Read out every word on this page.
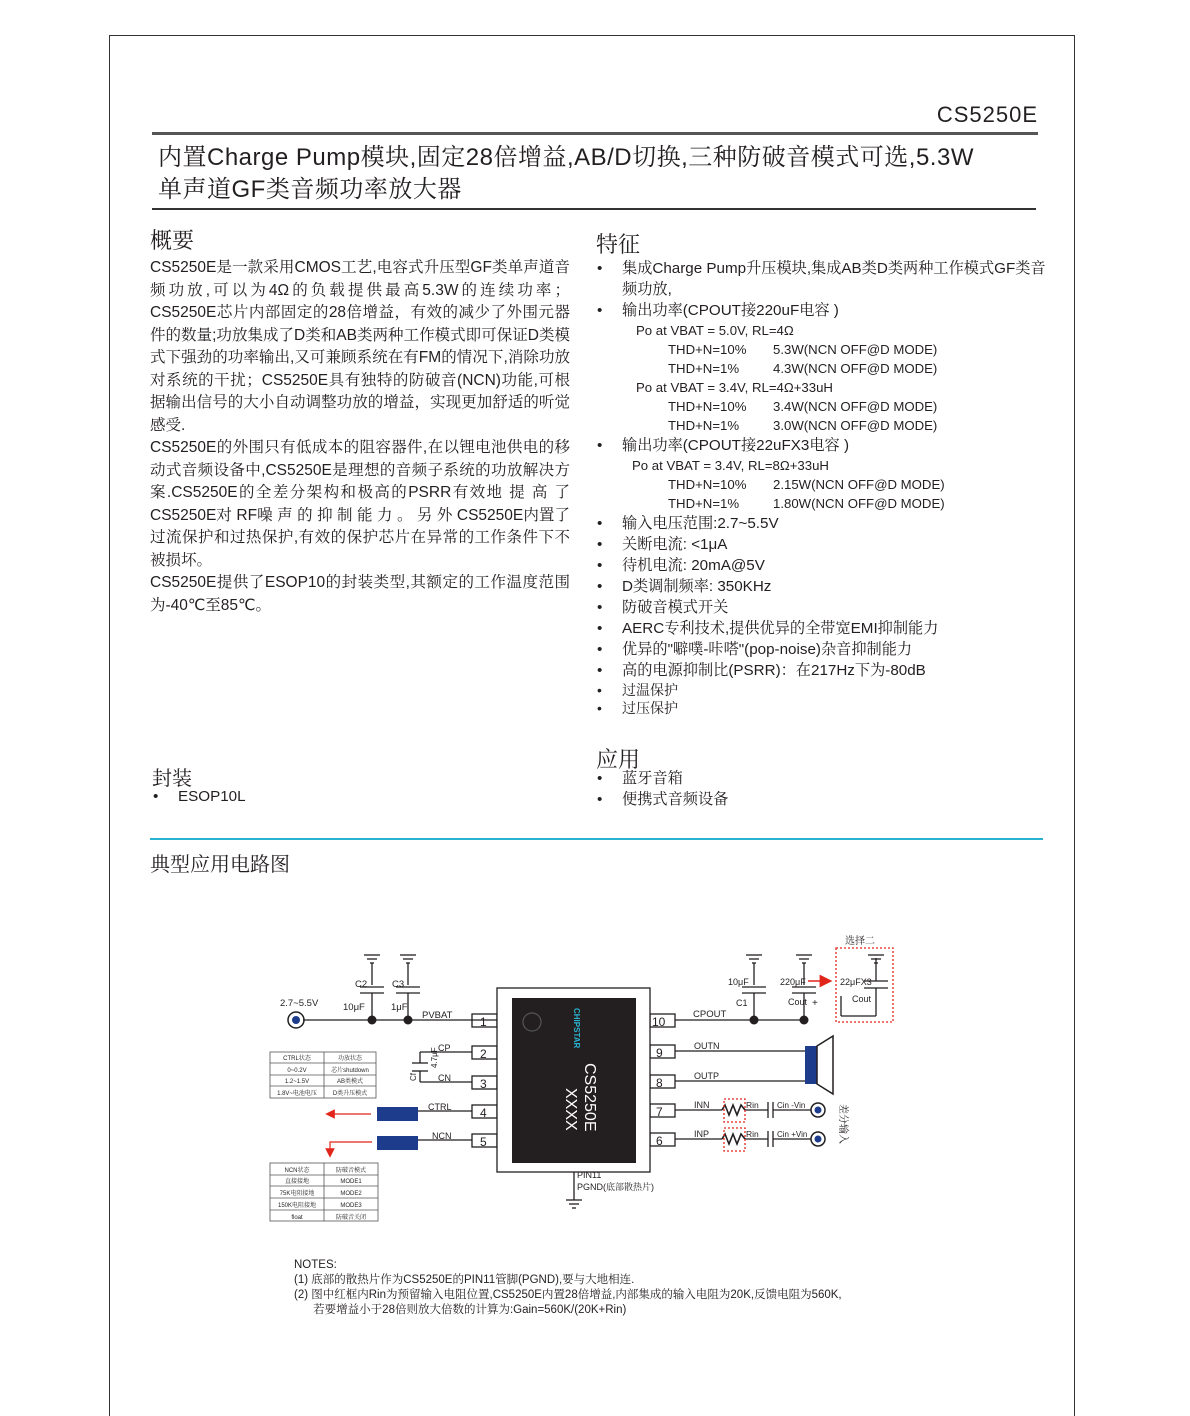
CS5250E
内置Charge Pump模块,固定28倍增益,AB/D切换,三种防破音模式可选,5.3W
单声道GF类音频功率放大器
概要

CS5250E是一款采用CMOS工艺,电容式升压型GF类单声道音频功放,可以为4Ω的负载提供最高5.3W的连续功率；CS5250E芯片内部固定的28倍增益，有效的减少了外围元器件的数量;功放集成了D类和AB类两种工作模式即可保证D类模式下强劲的功率输出,又可兼顾系统在有FM的情况下,消除功放对系统的干扰；CS5250E具有独特的防破音(NCN)功能,可根据输出信号的大小自动调整功放的增益，实现更加舒适的听觉感受.

CS5250E的外围只有低成本的阻容器件,在以锂电池供电的移动式音频设备中,CS5250E是理想的音频子系统的功放解决方案.CS5250E的全差分架构和极高的PSRR有效地 提 高 了 CS5250E对 RF噪 声 的 抑 制 能 力 。 另 外 CS5250E内置了过流保护和过热保护,有效的保护芯片在异常的工作条件下不被损坏。

CS5250E提供了ESOP10的封装类型,其额定的工作温度范围为-40℃至85℃。

封装
• ESOP10L
特征
• 集成Charge Pump升压模块,集成AB类D类两种工作模式GF类音频功放,
• 输出功率(CPOUT接220uF电容 )
Po at VBAT = 5.0V, RL=4Ω
THD+N=10% 5.3W(NCN OFF@D MODE)
THD+N=1%	4.3W(NCN OFF@D MODE)
Po at VBAT = 3.4V, RL=4Ω+33uH
THD+N=10% 3.4W(NCN OFF@D MODE)
THD+N=1%	3.0W(NCN OFF@D MODE)
• 输出功率(CPOUT接22uFX3电容 )
Po at VBAT = 3.4V, RL=8Ω+33uH
THD+N=10% 2.15W(NCN OFF@D MODE)
THD+N=1%	1.80W(NCN OFF@D MODE)
• 输入电压范围:2.7~5.5V
• 关断电流: <1μA
• 待机电流: 20mA@5V
• D类调制频率: 350KHz
• 防破音模式开关
• AERC专利技术,提供优异的全带宽EMI抑制能力
• 优异的"噼噗-咔嗒"(pop-noise)杂音抑制能力
• 高的电源抑制比(PSRR)：在217Hz下为-80dB
• 过温保护
• 过压保护
应用
• 蓝牙音箱
• 便携式音频设备
典型应用电路图
2.7~5.5V
C2	C3
10μF	1μF
PVBAT
CP
CN
CTRL
NCN
1
2
3
4
5
10
9
8
7
6
CPOUT
OUTN
OUTP
INN
INP
Cf
4.7μF
10μF
C1
220μF
Cout +
选择二
22μFX3
Cout
Rin
Rin
Cin -Vin
Cin +Vin	差分输入
PIN11
PGND(底部散热片)
CS5250E
XXXX
CHIPSTAR
CTRL状态	功放状态
0~0.2V	芯片shutdown
1.2~1.5V	AB类模式
1.8V~电池电压	D类升压模式
NCN状态	防破音模式
直接接地	MODE1
75K电阻接地	MODE2
150K电阻接地	MODE3
float	防破音关闭
NOTES:
(1) 底部的散热片作为CS5250E的PIN11管脚(PGND),要与大地相连.
(2) 图中红框内Rin为预留输入电阻位置,CS5250E内置28倍增益,内部集成的输入电阻为20K,反馈电阻为560K,
若要增益小于28倍则放大倍数的计算为:Gain=560K/(20K+Rin)
